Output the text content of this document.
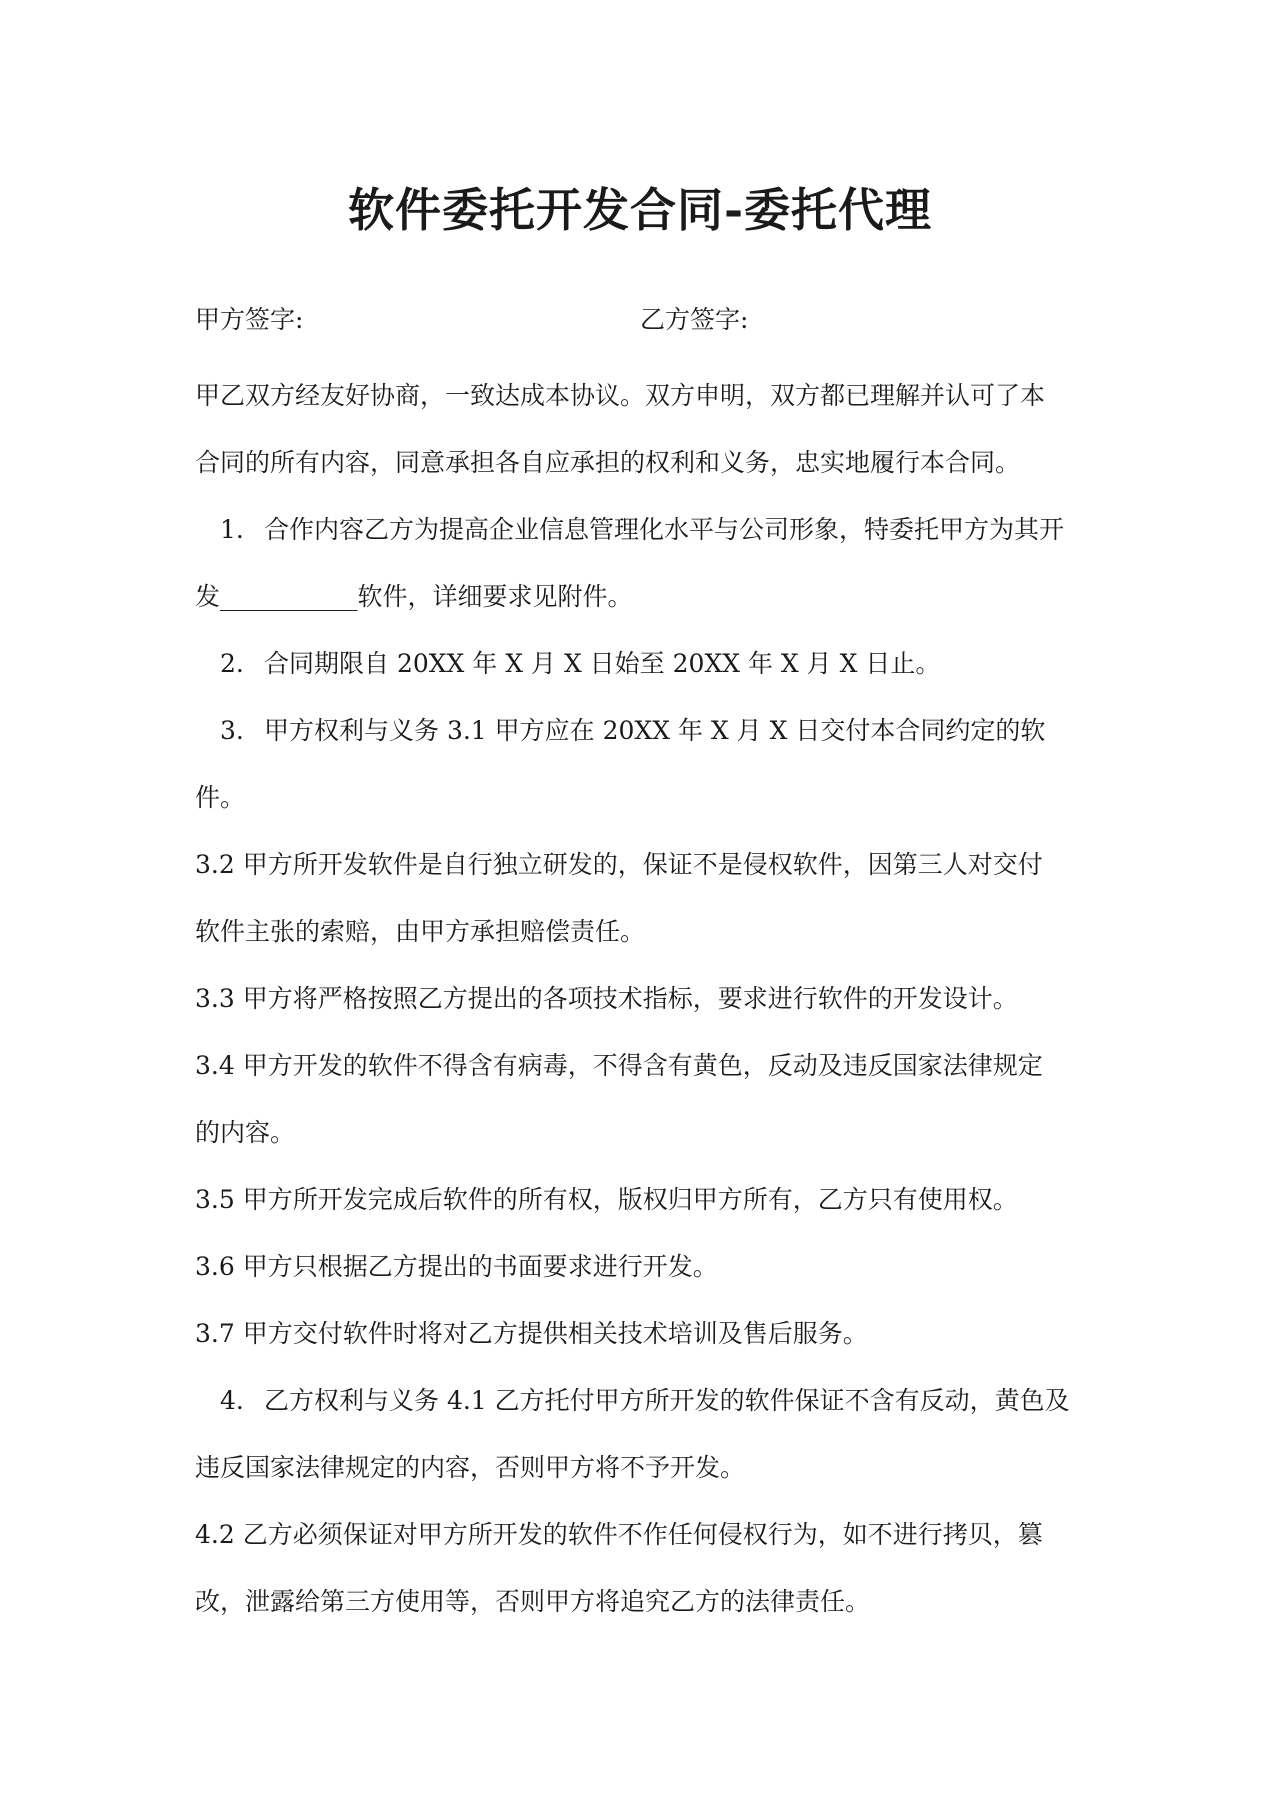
软件委托开发合同-委托代理
甲方签字:	乙方签字:

甲乙双方经友好协商，一致达成本协议。双方申明，双方都已理解并认可了本

合同的所有内容，同意承担各自应承担的权利和义务，忠实地履行本合同。

1. 合作内容乙方为提高企业信息管理化水平与公司形象，特委托甲方为其开

发___________软件，详细要求见附件。

2. 合同期限自 20XX 年 X 月 X 日始至 20XX 年 X 月 X 日止。

3. 甲方权利与义务 3.1 甲方应在 20XX 年 X 月 X 日交付本合同约定的软

件。

3.2 甲方所开发软件是自行独立研发的，保证不是侵权软件，因第三人对交付

软件主张的索赔，由甲方承担赔偿责任。

3.3 甲方将严格按照乙方提出的各项技术指标，要求进行软件的开发设计。

3.4 甲方开发的软件不得含有病毒，不得含有黄色，反动及违反国家法律规定

的内容。

3.5 甲方所开发完成后软件的所有权，版权归甲方所有，乙方只有使用权。

3.6 甲方只根据乙方提出的书面要求进行开发。

3.7 甲方交付软件时将对乙方提供相关技术培训及售后服务。

4. 乙方权利与义务 4.1 乙方托付甲方所开发的软件保证不含有反动，黄色及

违反国家法律规定的内容，否则甲方将不予开发。

4.2 乙方必须保证对甲方所开发的软件不作任何侵权行为，如不进行拷贝，篡

改，泄露给第三方使用等，否则甲方将追究乙方的法律责任。
